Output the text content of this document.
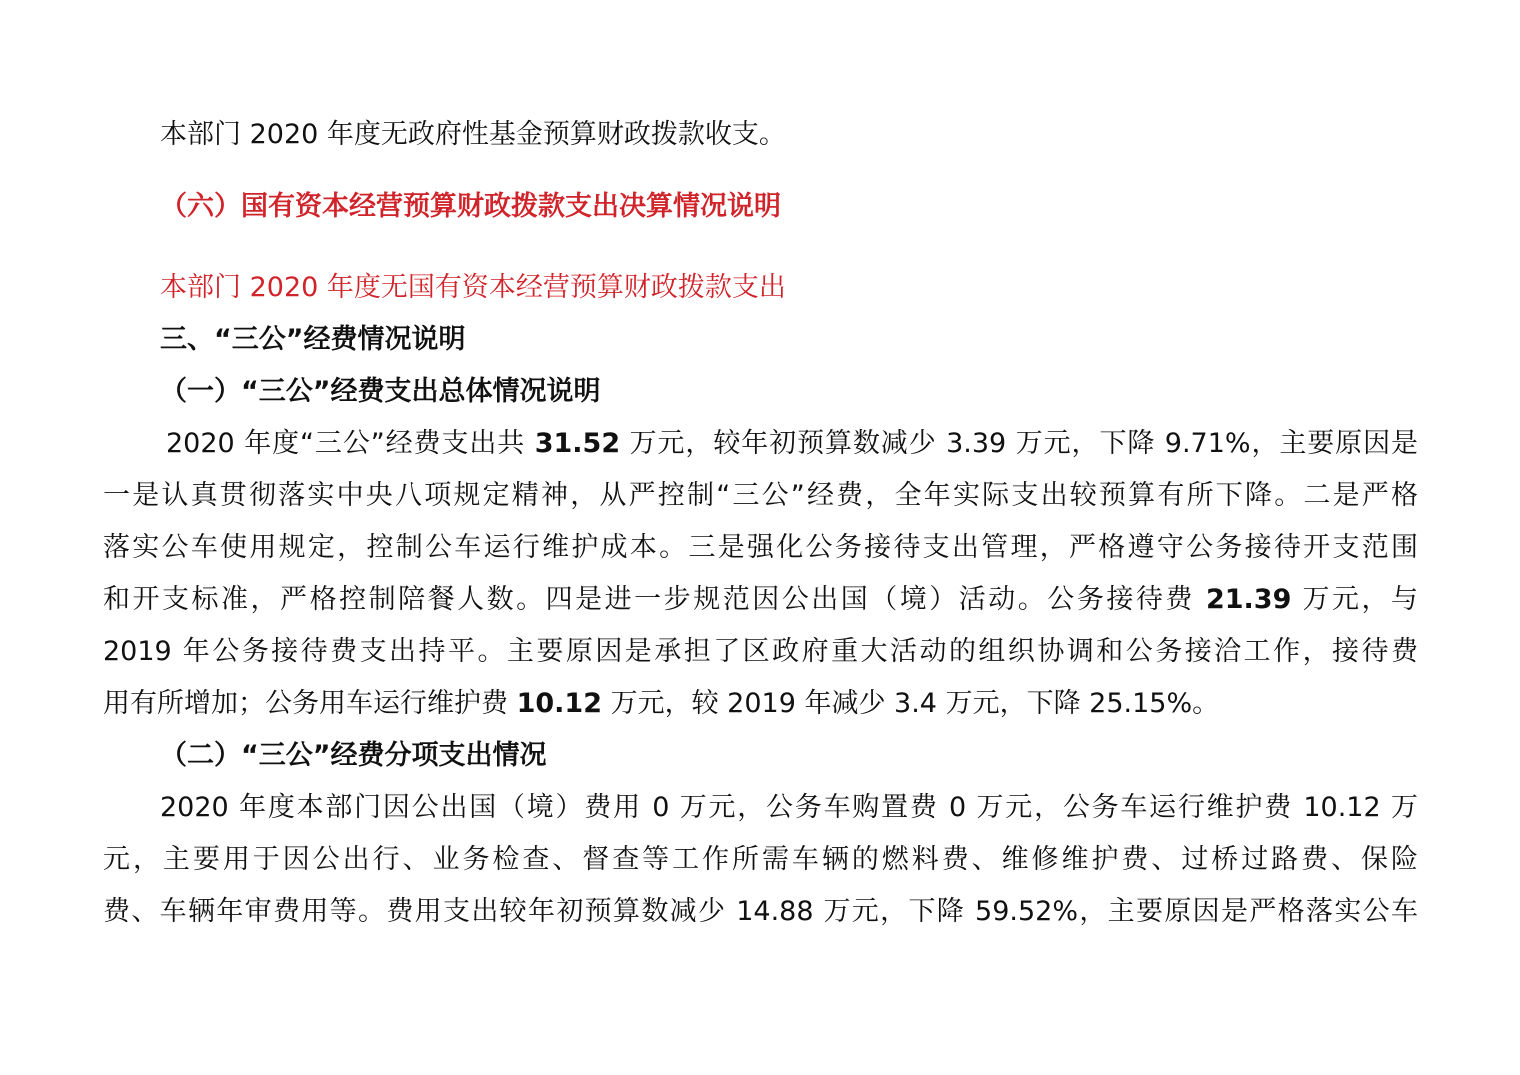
本部门 2020 年度无政府性基金预算财政拨款收支。
（六）国有资本经营预算财政拨款支出决算情况说明
本部门 2020 年度无国有资本经营预算财政拨款支出
三、“三公”经费情况说明
（一）“三公”经费支出总体情况说明
2020 年度“三公”经费支出共 31.52 万元，较年初预算数减少 3.39 万元，下降 9.71%，主要原因是
一是认真贯彻落实中央八项规定精神，从严控制“三公”经费，全年实际支出较预算有所下降。二是严格
落实公车使用规定，控制公车运行维护成本。三是强化公务接待支出管理，严格遵守公务接待开支范围
和开支标准，严格控制陪餐人数。四是进一步规范因公出国（境）活动。公务接待费 21.39 万元，与
2019 年公务接待费支出持平。主要原因是承担了区政府重大活动的组织协调和公务接洽工作，接待费
用有所增加；公务用车运行维护费 10.12 万元，较 2019 年减少 3.4 万元，下降 25.15%。
（二）“三公”经费分项支出情况
2020 年度本部门因公出国（境）费用 0 万元，公务车购置费 0 万元，公务车运行维护费 10.12 万
元，主要用于因公出行、业务检查、督查等工作所需车辆的燃料费、维修维护费、过桥过路费、保险
费、车辆年审费用等。费用支出较年初预算数减少 14.88 万元，下降 59.52%，主要原因是严格落实公车
